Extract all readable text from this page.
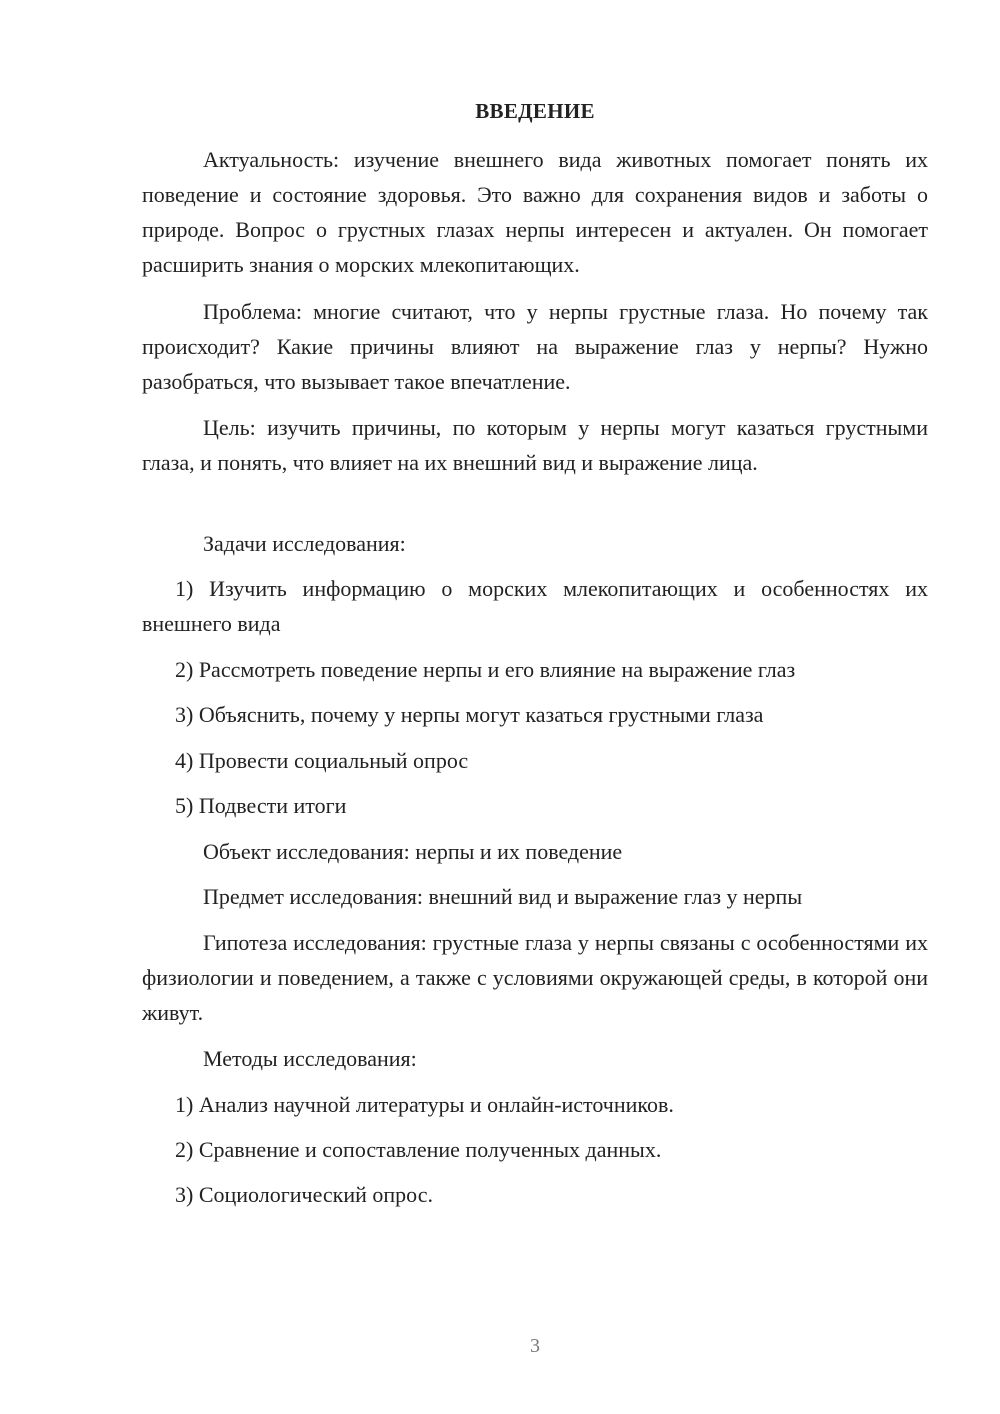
ВВЕДЕНИЕ

Актуальность: изучение внешнего вида животных помогает понять их поведение и состояние здоровья. Это важно для сохранения видов и заботы о природе. Вопрос о грустных глазах нерпы интересен и актуален. Он помогает расширить знания о морских млекопитающих.

Проблема: многие считают, что у нерпы грустные глаза. Но почему так происходит? Какие причины влияют на выражение глаз у нерпы? Нужно разобраться, что вызывает такое впечатление.

Цель: изучить причины, по которым у нерпы могут казаться грустными глаза, и понять, что влияет на их внешний вид и выражение лица.

Задачи исследования:

1) Изучить информацию о морских млекопитающих и особенностях их внешнего вида

2) Рассмотреть поведение нерпы и его влияние на выражение глаз

3) Объяснить, почему у нерпы могут казаться грустными глаза

4) Провести социальный опрос

5) Подвести итоги

Объект исследования: нерпы и их поведение

Предмет исследования: внешний вид и выражение глаз у нерпы

Гипотеза исследования: грустные глаза у нерпы связаны с особенностями их физиологии и поведением, а также с условиями окружающей среды, в которой они живут.

Методы исследования:

1) Анализ научной литературы и онлайн-источников.

2) Сравнение и сопоставление полученных данных.

3) Социологический опрос.

3
